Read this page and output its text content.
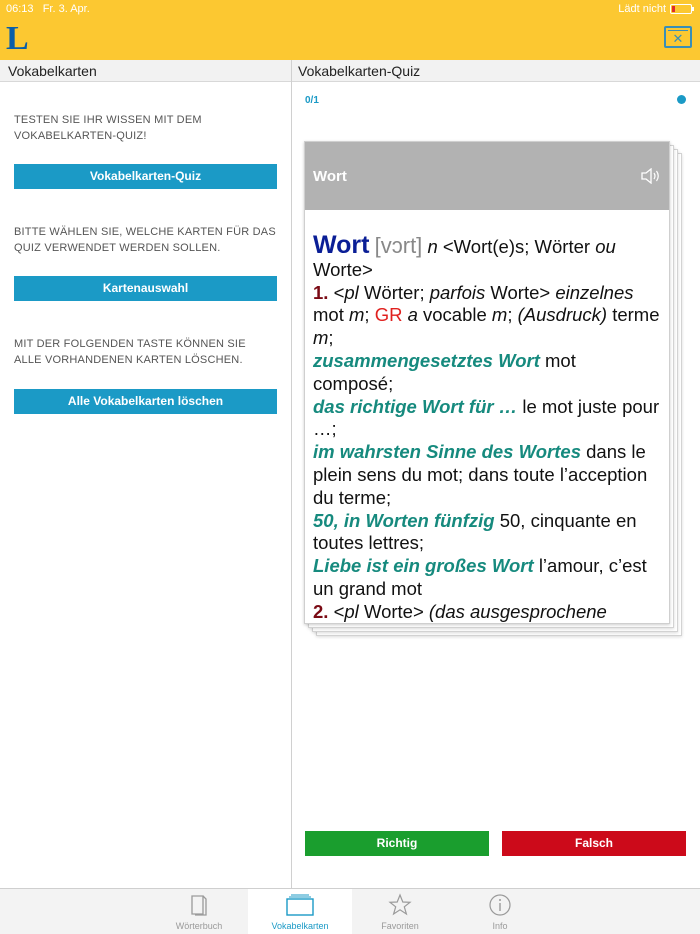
06:13 Fr. 3. Apr.	Lädt nicht
L	✕
Vokabelkarten	Vokabelkarten-Quiz
TESTEN SIE IHR WISSEN MIT DEM VOKABELKARTEN-QUIZ!
Vokabelkarten-Quiz
BITTE WÄHLEN SIE, WELCHE KARTEN FÜR DAS QUIZ VERWENDET WERDEN SOLLEN.
Kartenauswahl
MIT DER FOLGENDEN TASTE KÖNNEN SIE ALLE VORHANDENEN KARTEN LÖSCHEN.
Alle Vokabelkarten löschen
0/1
Wort
Wort [vɔrt] n <Wort(e)s; Wörter ou Worte>
1. <pl Wörter; parfois Worte> einzelnes mot m; GR a vocable m; (Ausdruck) terme m;
zusammengesetztes Wort mot composé;
das richtige Wort für … le mot juste pour …;
im wahrsten Sinne des Wortes dans le plein sens du mot; dans toute l’acception du terme;
50, in Worten fünfzig 50, cinquante en toutes lettres;
Liebe ist ein großes Wort l’amour, c’est un grand mot
2. <pl Worte> (das ausgesprochene
Richtig	Falsch
Wörterbuch	Vokabelkarten	Favoriten	Info
